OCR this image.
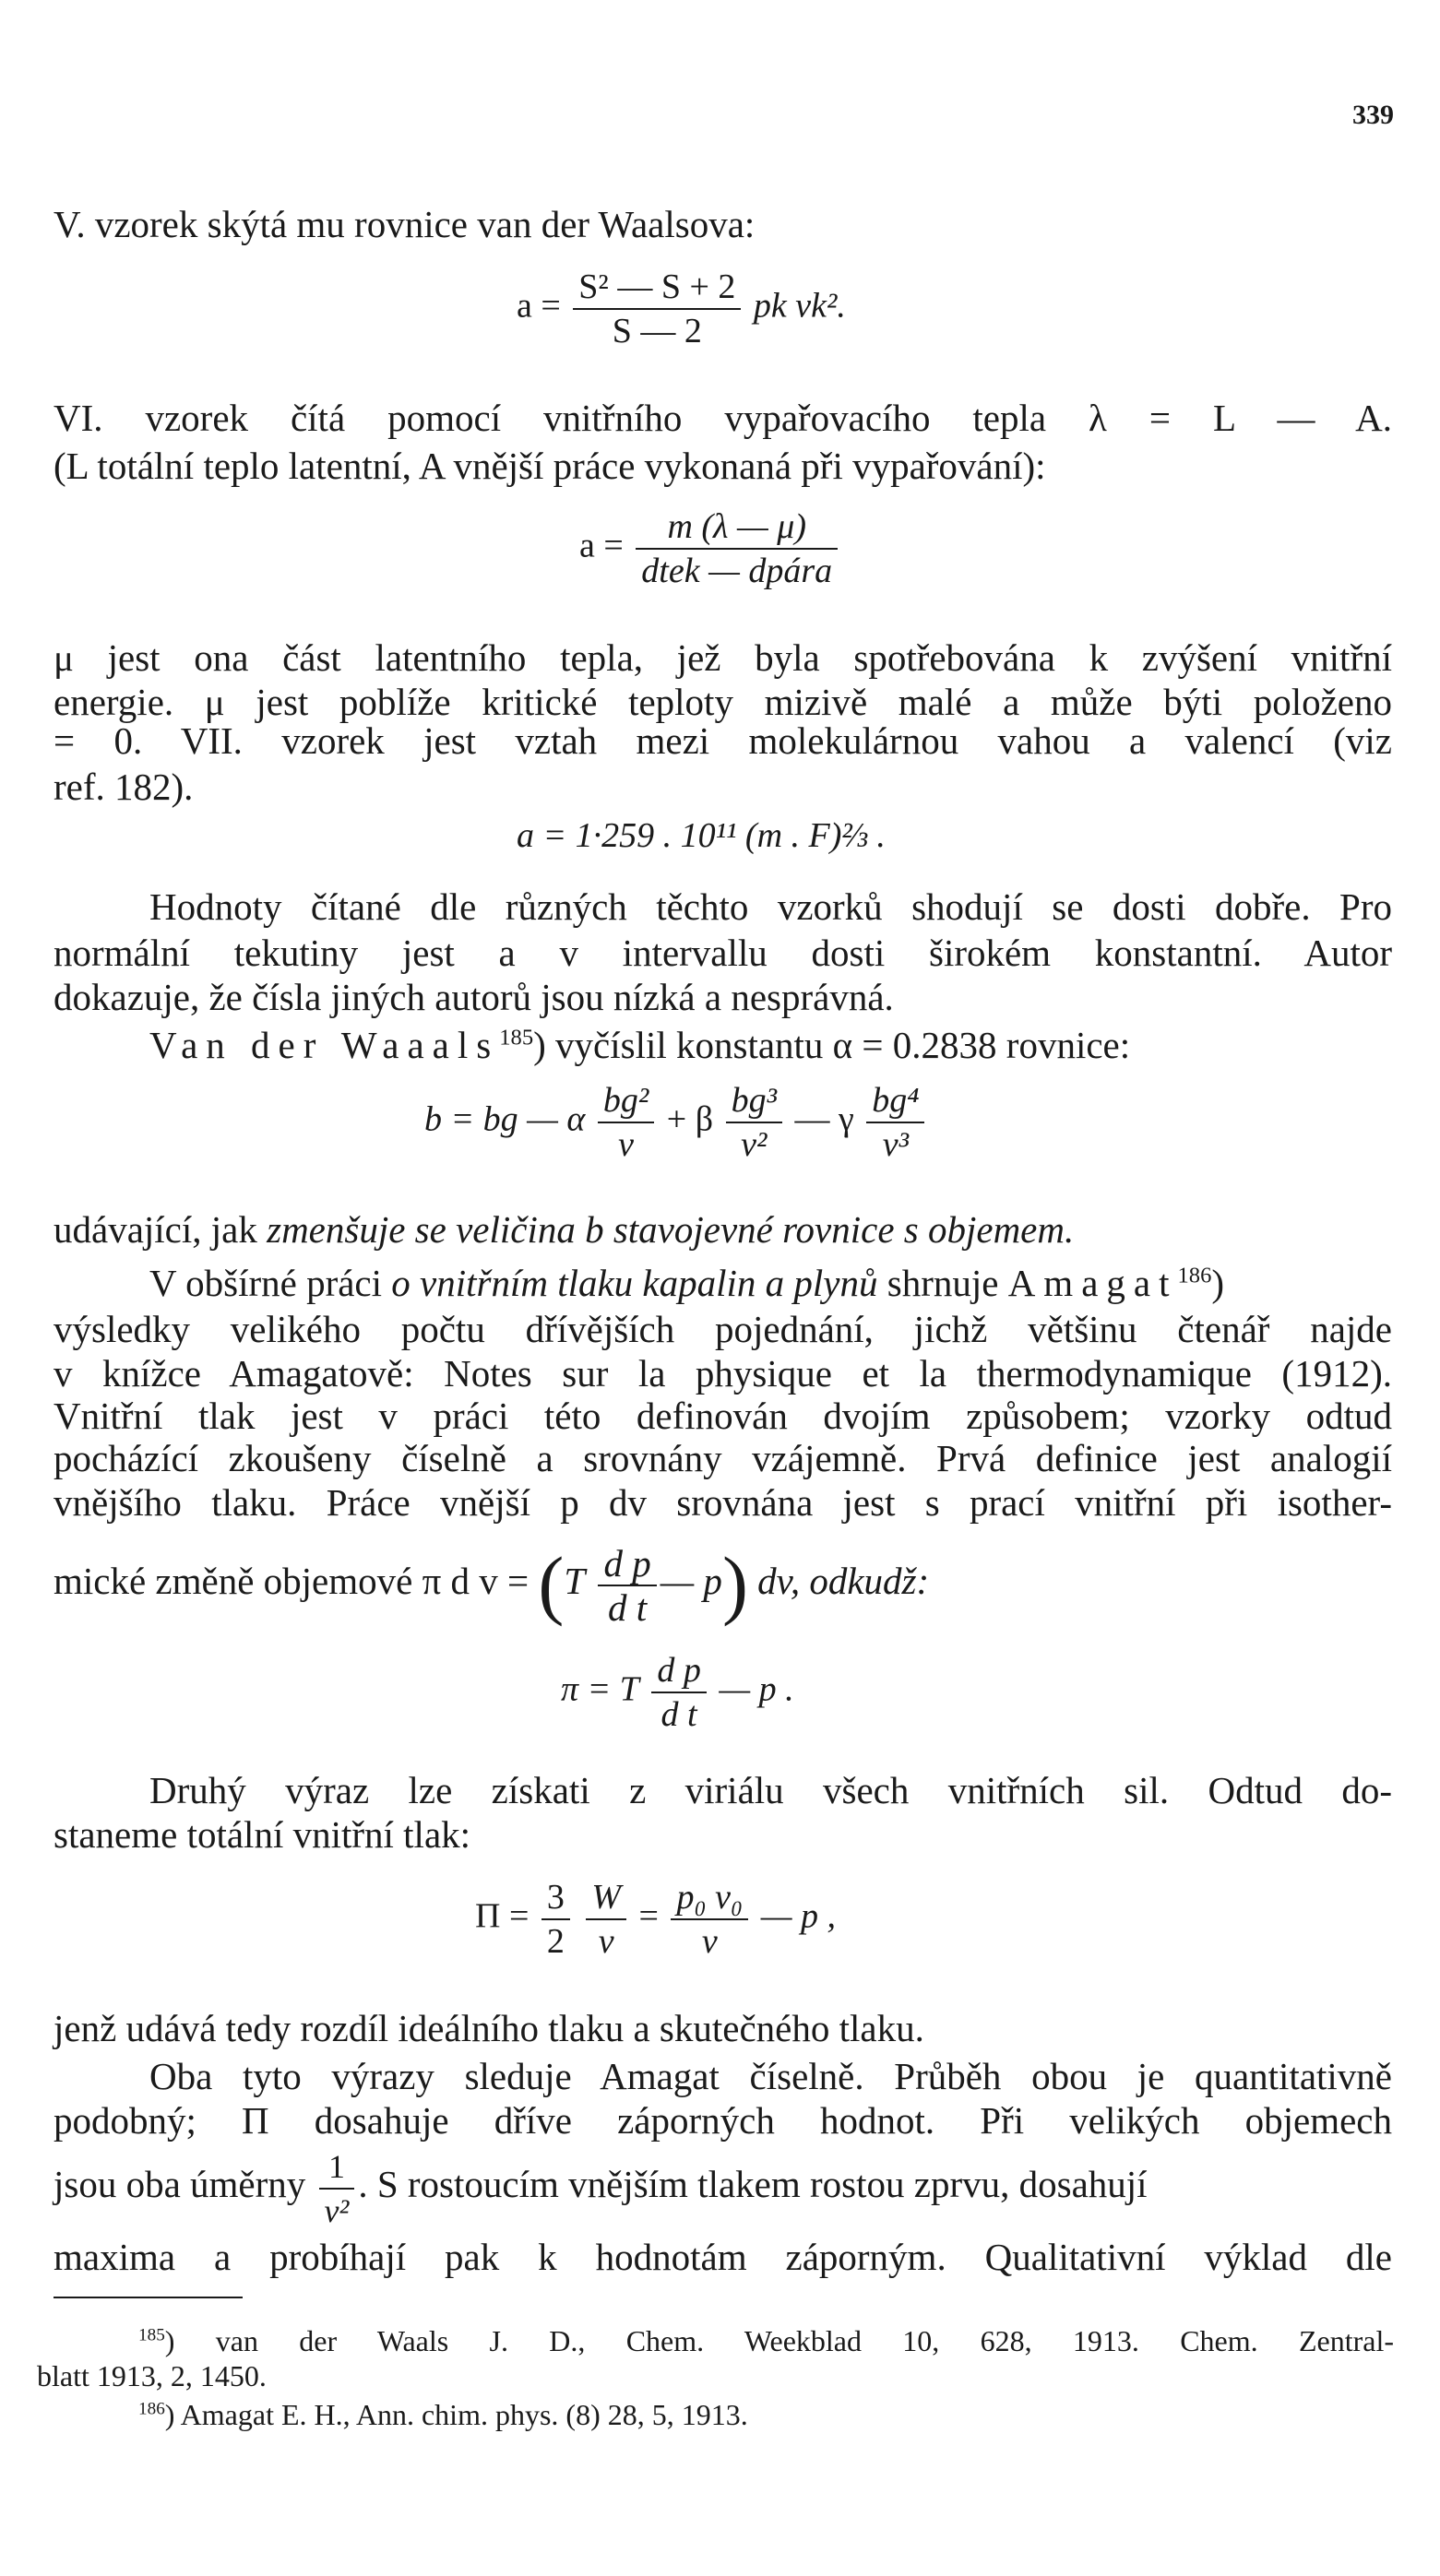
339
V. vzorek skýtá mu rovnice van der Waalsova:
$a = \frac{\text{S² — S + 2}}{S — 2}$ pk vk².
VI. vzorek čítá pomocí vnitřního vypařovacího tepla λ = L — A.
(L totální teplo latentní, A vnější práce vykonaná při vypařování):
$a = \frac{m (\lambda — \mu)}{\text{dtek — dpára}}$
μ jest ona část latentního tepla, jež byla spotřebována k zvýšení vnitřní
energie. μ jest poblíže kritické teploty mizivě malé a může býti položeno
= 0. VII. vzorek jest vztah mezi molekulárnou vahou a valencí (viz
ref. 182).
a = 1·259 . 10¹¹ (m . F)⅔ .
Hodnoty čítané dle různých těchto vzorků shodují se dosti dobře. Pro
normální tekutiny jest a v intervallu dosti širokém konstantní. Autor
dokazuje, že čísla jiných autorů jsou nízká a nesprávná.
Van der Waaals$^{185}$) vyčíslil konstantu α = 0.2838 rovnice:
b = bg — α $\frac{\text{bg²}}{v} + \beta \frac{\text{bg³}}{\text{v²}}$ — γ $\frac{\text{bg⁴}}{\text{v³}}$
udávající, jak zmenšuje se veličina b stavojevné rovnice s objemem.
V obšírné práci o vnitřním tlaku kapalin a plynů shrnuje Amagat$^{186}$)
výsledky velikého počtu dřívějších pojednání, jichž většinu čtenář najde
v knížce Amagatově: Notes sur la physique et la thermodynamique (1912).
Vnitřní tlak jest v práci této definován dvojím způsobem; vzorky odtud
pocházící zkoušeny číselně a srovnány vzájemně. Prvá definice jest analogií
vnějšího tlaku. Práce vnější p dv srovnána jest s prací vnitřní při isother-
mické změně objemové π d $v = (T \frac{\text{d p}}{\text{d t}}$ — p) dv, odkudž:
π = T $\frac{\text{d p}}{\text{d t}}$ — p .
Druhý výraz lze získati z viriálu všech vnitřních sil. Odtud do-
staneme totální vnitřní tlak:
$\Pi = \frac{3}{2}$
$\frac{W}{v} = \frac{\text{p₀ v₀}}{v}$ — p ,
jenž udává tedy rozdíl ideálního tlaku a skutečného tlaku.
Oba tyto výrazy sleduje Amagat číselně. Průběh obou je quantitativně
podobný; Π dosahuje dříve záporných hodnot. Při velikých objemech
jsou oba úměrny $\frac{1}{\text{v²}}$ . S rostoucím vnějším tlakem rostou zprvu, dosahují
maxima a probíhají pak k hodnotám záporným. Qualitativní výklad dle
$^{185}$) van der Waals J. D., Chem. Weekblad 10, 628, 1913. Chem. Zentral-
blatt 1913, 2, 1450.
$^{186}$) Amagat E. H., Ann. chim. phys. (8) 28, 5, 1913.
